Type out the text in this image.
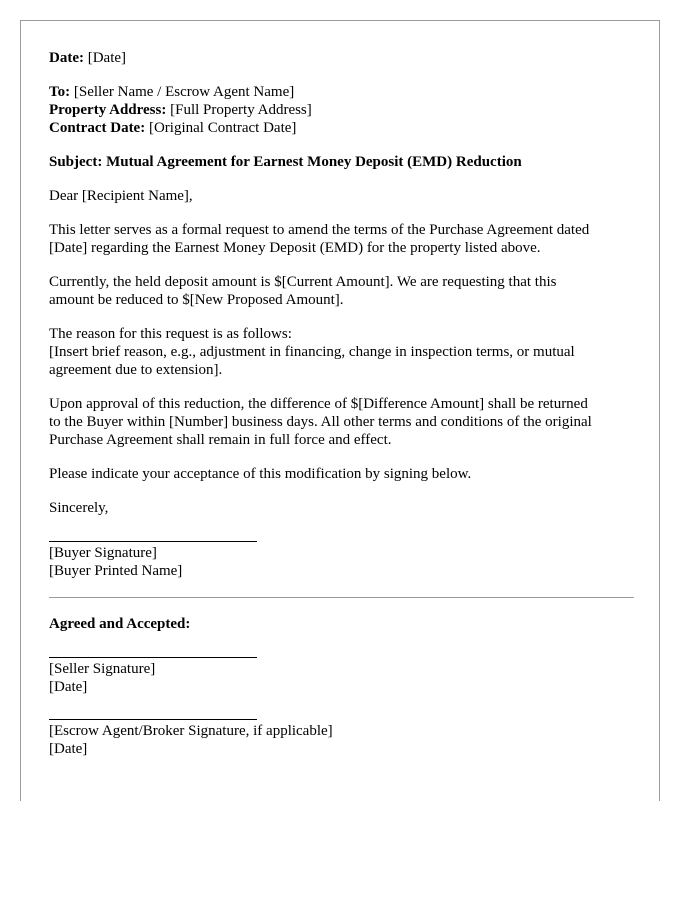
Date: [Date]

To: [Seller Name / Escrow Agent Name]

Property Address: [Full Property Address]

Contract Date: [Original Contract Date]

Subject: Mutual Agreement for Earnest Money Deposit (EMD) Reduction

Dear [Recipient Name],

This letter serves as a formal request to amend the terms of the Purchase Agreement dated

[Date] regarding the Earnest Money Deposit (EMD) for the property listed above.

Currently, the held deposit amount is $[Current Amount]. We are requesting that this

amount be reduced to $[New Proposed Amount].

The reason for this request is as follows:

[Insert brief reason, e.g., adjustment in financing, change in inspection terms, or mutual

agreement due to extension].

Upon approval of this reduction, the difference of $[Difference Amount] shall be returned

to the Buyer within [Number] business days. All other terms and conditions of the original

Purchase Agreement shall remain in full force and effect.

Please indicate your acceptance of this modification by signing below.

Sincerely,

[Buyer Signature]

[Buyer Printed Name]

Agreed and Accepted:

[Seller Signature]

[Date]

[Escrow Agent/Broker Signature, if applicable]

[Date]
